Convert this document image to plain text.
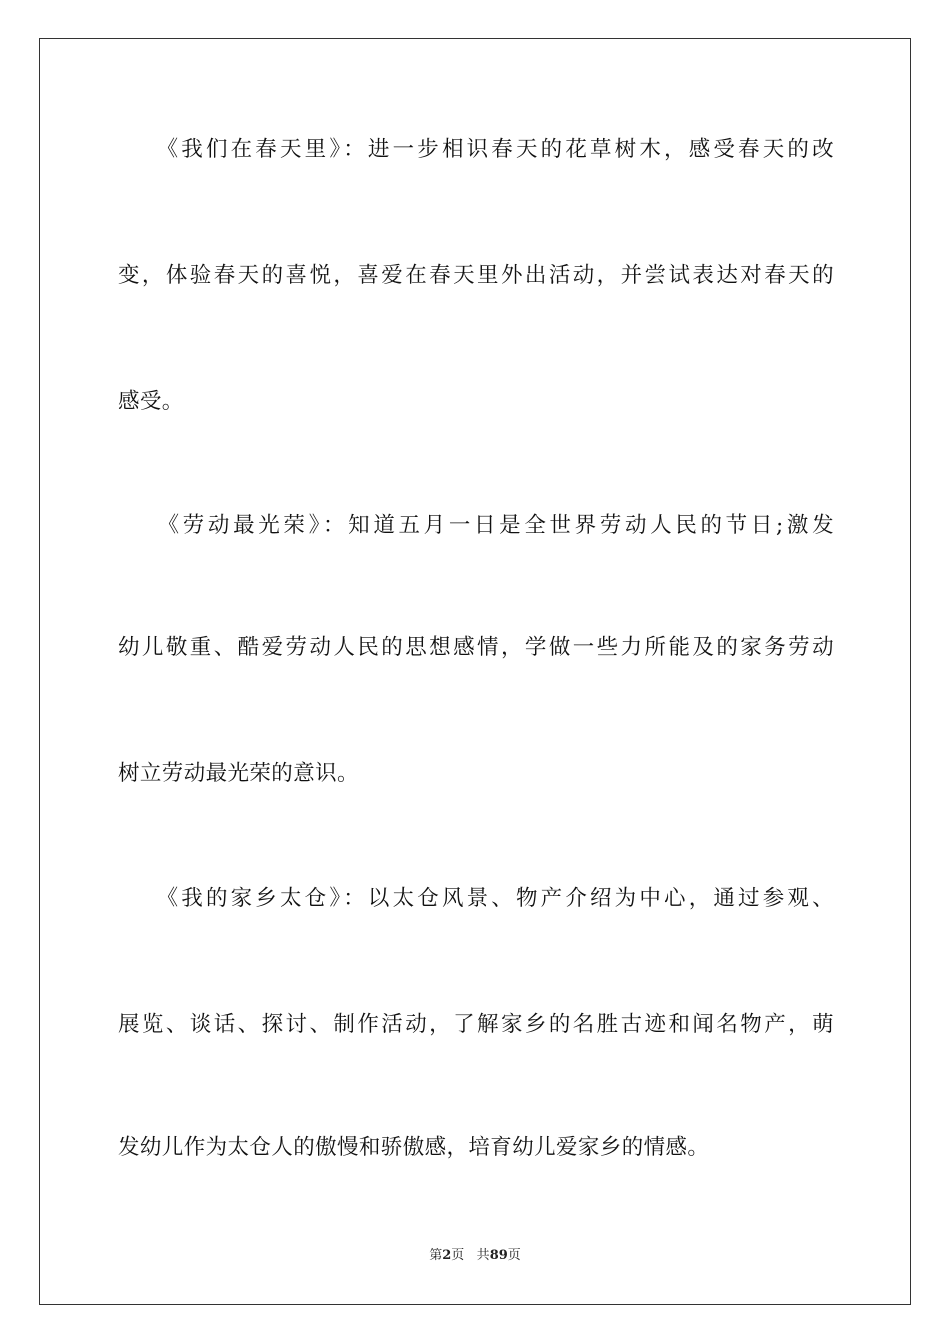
　　《我们在春天里》：进一步相识春天的花草树木，感受春天的改
变，体验春天的喜悦，喜爱在春天里外出活动，并尝试表达对春天的
感受。
　　《劳动最光荣》：知道五月一日是全世界劳动人民的节日;激发
幼儿敬重、酷爱劳动人民的思想感情，学做一些力所能及的家务劳动
树立劳动最光荣的意识。
　　《我的家乡太仓》：以太仓风景、物产介绍为中心，通过参观、
展览、谈话、探讨、制作活动，了解家乡的名胜古迹和闻名物产，萌
发幼儿作为太仓人的傲慢和骄傲感，培育幼儿爱家乡的情感。
第2页 共89页
